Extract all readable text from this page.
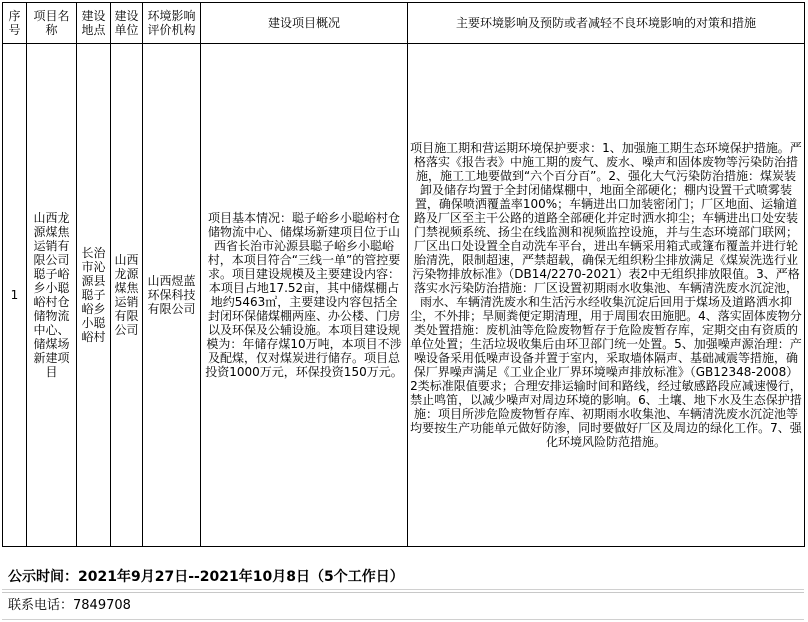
序号	项目名称	建设地点	建设单位	环境影响评价机构	建设项目概况	主要环境影响及预防或者减轻不良环境影响的对策和措施
1	山西龙源煤焦运销有限公司聪子峪乡小聪峪村仓储物流中心、储煤场新建项目	长治市沁源县聪子峪乡小聪峪村	山西龙源煤焦运销有限公司	山西煜蓝环保科技有限公司	项目基本情况：聪子峪乡小聪峪村仓储物流中心、储煤场新建项目位于山西省长治市沁源县聪子峪乡小聪峪村，本项目符合“三线一单”的管控要求。项目建设规模及主要建设内容：本项目占地17.52亩，其中储煤棚占地约5463㎡，主要建设内容包括全封闭环保储煤棚两座、办公楼、门房以及环保及公辅设施。本项目建设规模为：年储存煤10万吨，本项目不涉及配煤，仅对煤炭进行储存。项目总投资1000万元，环保投资150万元。	项目施工期和营运期环境保护要求：1、加强施工期生态环境保护措施。严格落实《报告表》中施工期的废气、废水、噪声和固体废物等污染防治措施，施工工地要做到“六个百分百”。2、强化大气污染防治措施：煤炭装卸及储存均置于全封闭储煤棚中，地面全部硬化；棚内设置干式喷雾装置，确保喷洒覆盖率100%；车辆进出口加装密闭门；厂区地面、运输道路及厂区至主干公路的道路全部硬化并定时洒水抑尘；车辆进出口处安装门禁视频系统、扬尘在线监测和视频监控设施，并与生态环境部门联网；厂区出口处设置全自动洗车平台，进出车辆采用箱式或篷布覆盖并进行轮胎清洗，限制超速，严禁超载，确保无组织粉尘排放满足《煤炭洗选行业污染物排放标准》（DB14/2270-2021）表2中无组织排放限值。3、严格落实水污染防治措施：厂区设置初期雨水收集池、车辆清洗废水沉淀池，雨水、车辆清洗废水和生活污水经收集沉淀后回用于煤场及道路洒水抑尘，不外排；旱厕粪便定期清理，用于周围农田施肥。4、落实固体废物分类处置措施：废机油等危险废物暂存于危险废暂存库，定期交由有资质的单位处置；生活垃圾收集后由环卫部门统一处置。5、加强噪声源治理：产噪设备采用低噪声设备并置于室内，采取墙体隔声、基础减震等措施，确保厂界噪声满足《工业企业厂界环境噪声排放标准》（GB12348-2008）2类标准限值要求；合理安排运输时间和路线，经过敏感路段应减速慢行，禁止鸣笛，以减少噪声对周边环境的影响。6、土壤、地下水及生态保护措施：项目所涉危险废物暂存库、初期雨水收集池、车辆清洗废水沉淀池等均要按生产功能单元做好防渗，同时要做好厂区及周边的绿化工作。7、强化环境风险防范措施。
公示时间：2021年9月27日--2021年10月8日（5个工作日）
联系电话：7849708
